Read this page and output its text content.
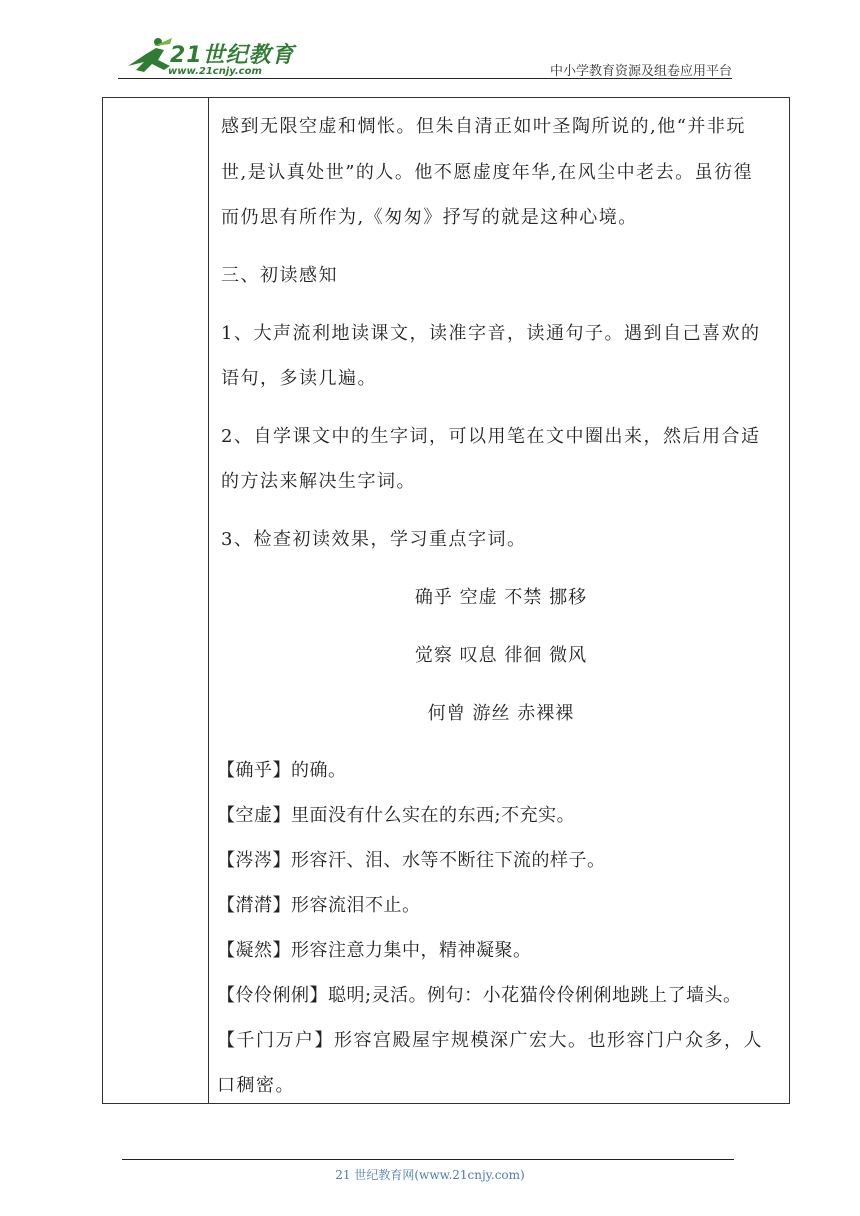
21世纪教育
www.21cnjy.com	中小学教育资源及组卷应用平台
感到无限空虚和惆怅。但朱自清正如叶圣陶所说的,他“并非玩
世,是认真处世”的人。他不愿虚度年华,在风尘中老去。虽彷徨
而仍思有所作为,《匆匆》抒写的就是这种心境。
三、初读感知
1、大声流利地读课文，读准字音，读通句子。遇到自己喜欢的
语句，多读几遍。
2、自学课文中的生字词，可以用笔在文中圈出来，然后用合适
的方法来解决生字词。
3、检查初读效果，学习重点字词。
确乎 空虚 不禁 挪移
觉察 叹息 徘徊 微风
何曾 游丝 赤裸裸
【确乎】的确。
【空虚】里面没有什么实在的东西;不充实。
【涔涔】形容汗、泪、水等不断往下流的样子。
【潸潸】形容流泪不止。
【凝然】形容注意力集中，精神凝聚。
【伶伶俐俐】聪明;灵活。例句：小花猫伶伶俐俐地跳上了墙头。
【千门万户】形容宫殿屋宇规模深广宏大。也形容门户众多，人
口稠密。
21 世纪教育网(www.21cnjy.com)
